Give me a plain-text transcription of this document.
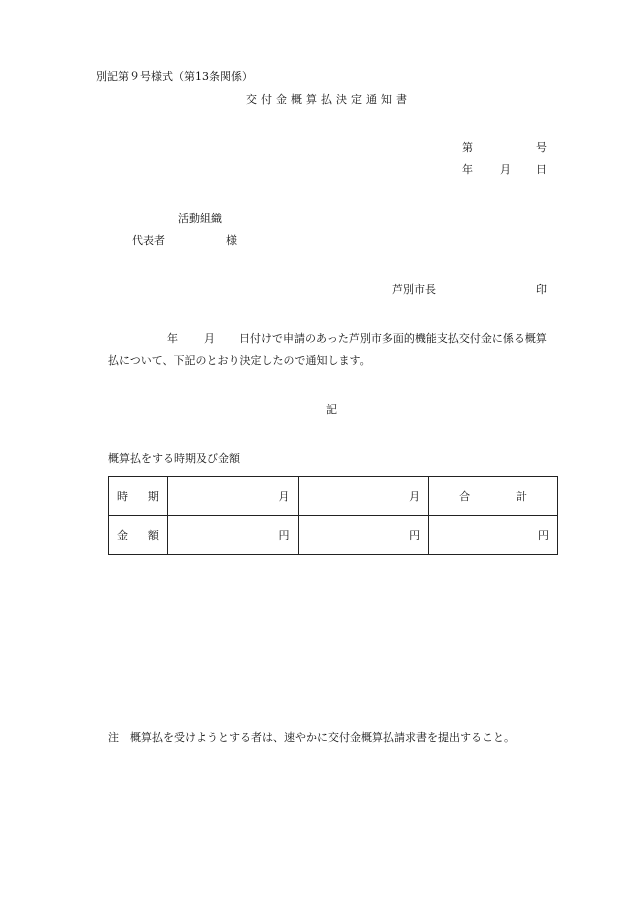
別記第９号様式（第13条関係）
交付金概算払決定通知書
第	号
年 月 日
活動組織
代表者	様
芦別市長	印
年 月 日付けで申請のあった芦別市多面的機能支払交付金に係る概算
払について、下記のとおり決定したので通知します。
記
概算払をする時期及び金額
時 期	月	月	合 計

金 額	円	円	円
注　概算払を受けようとする者は、速やかに交付金概算払請求書を提出すること。
